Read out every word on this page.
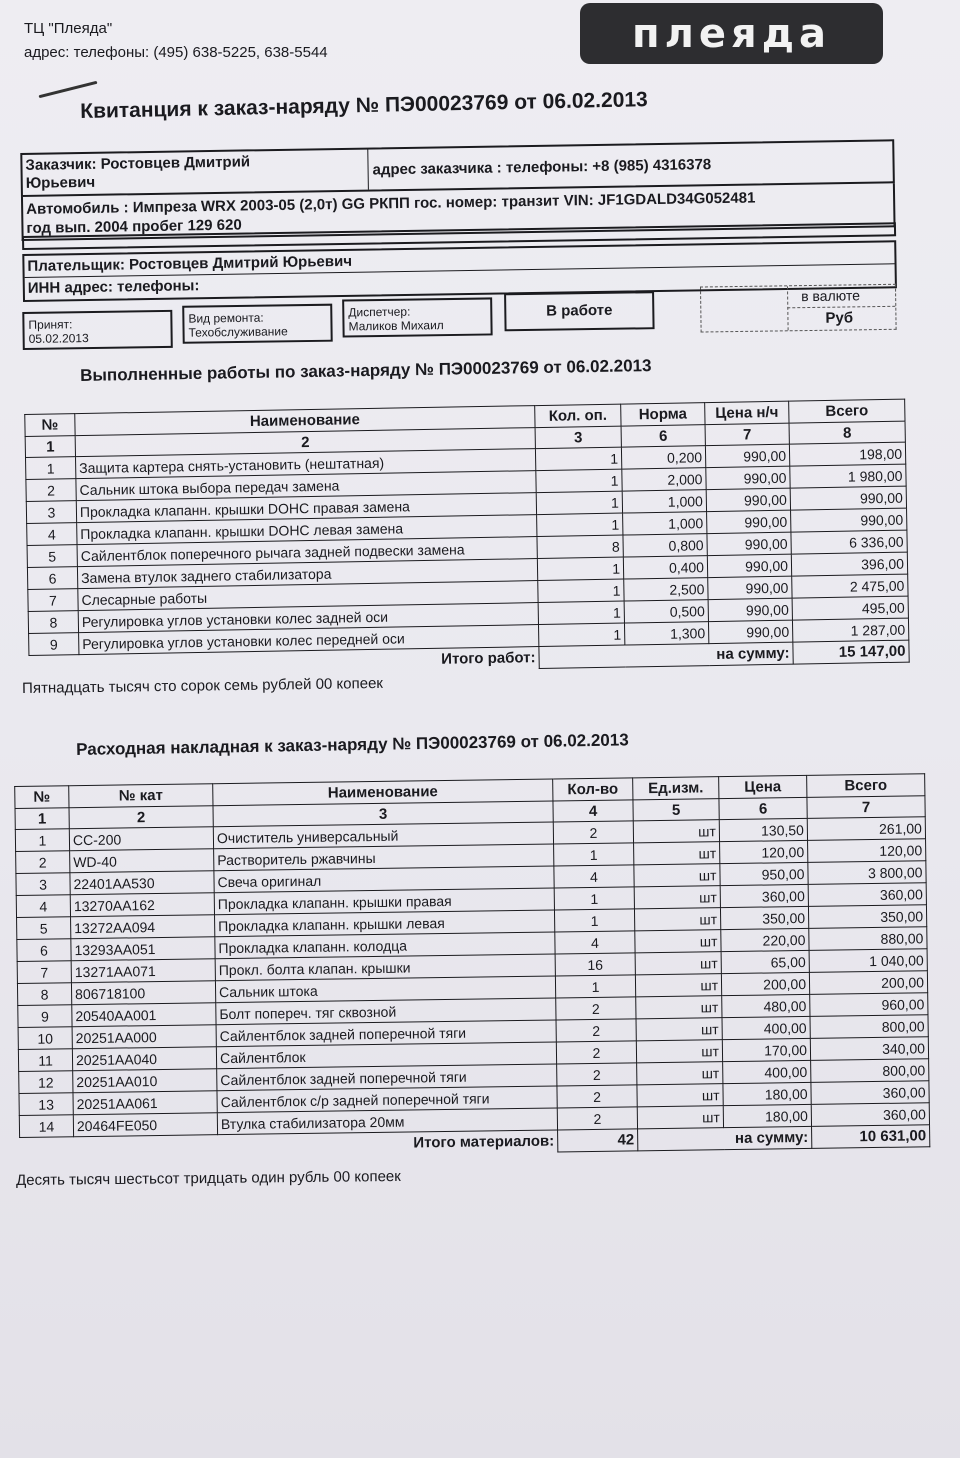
ТЦ "Плеяда"
адрес: телефоны: (495) 638-5225, 638-5544	плеяда
Квитанция к заказ-наряду № ПЭ00023769 от 06.02.2013
Заказчик: Ростовцев Дмитрий
Юрьевич
адрес заказчика : телефоны: +8 (985) 4316378
Автомобиль : Импреза WRX 2003-05 (2,0т) GG РКПП гос. номер: транзит VIN: JF1GDALD34G052481
год вып. 2004 пробег 129 620
Плательщик: Ростовцев Дмитрий Юрьевич
ИНН адрес: телефоны:
Принят:
05.02.2013
Вид ремонта:
Техобслуживание
Диспетчер:
Маликов Михаил
В работе
в валюте
Руб
Выполненные работы по заказ-наряду № ПЭ00023769 от 06.02.2013
№	Наименование	Кол. оп.	Норма	Цена н/ч	Всего
1	2	3	6	7	8
1	Защита картера снять-установить (нештатная)	1	0,200	990,00	198,00
2	Сальник штока выбора передач замена	1	2,000	990,00	1 980,00
3	Прокладка клапанн. крышки DOHC правая замена	1	1,000	990,00	990,00
4	Прокладка клапанн. крышки DOHC левая замена	1	1,000	990,00	990,00
5	Сайлентблок поперечного рычага задней подвески замена	8	0,800	990,00	6 336,00
6	Замена втулок заднего стабилизатора	1	0,400	990,00	396,00
7	Слесарные работы	1	2,500	990,00	2 475,00
8	Регулировка углов установки колес задней оси	1	0,500	990,00	495,00
9	Регулировка углов установки колес передней оси	1	1,300	990,00	1 287,00
Итого работ:		на сумму:			15 147,00
Пятнадцать тысяч сто сорок семь рублей 00 копеек
Расходная накладная к заказ-наряду № ПЭ00023769 от 06.02.2013
№	№ кат	Наименование	Кол-во	Ед.изм.	Цена	Всего
1	2	3	4	5	6	7
1	CC-200	Очиститель универсальный	2	шт	130,50	261,00
2	WD-40	Растворитель ржавчины	1	шт	120,00	120,00
3	22401AA530	Свеча оригинал	4	шт	950,00	3 800,00
4	13270AA162	Прокладка клапанн. крышки правая	1	шт	360,00	360,00
5	13272AA094	Прокладка клапанн. крышки левая	1	шт	350,00	350,00
6	13293AA051	Прокладка клапанн. колодца	4	шт	220,00	880,00
7	13271AA071	Прокл. болта клапан. крышки	16	шт	65,00	1 040,00
8	806718100	Сальник штока	1	шт	200,00	200,00
9	20540AA001	Болт попереч. тяг сквозной	2	шт	480,00	960,00
10	20251AA000	Сайлентблок задней поперечной тяги	2	шт	400,00	800,00
11	20251AA040	Сайлентблок	2	шт	170,00	340,00
12	20251AA010	Сайлентблок задней поперечной тяги	2	шт	400,00	800,00
13	20251AA061	Сайлентблок с/р задней поперечной тяги	2	шт	180,00	360,00
14	20464FE050	Втулка стабилизатора 20мм	2	шт	180,00	360,00
Итого материалов:			42	на сумму:		10 631,00
Десять тысяч шестьсот тридцать один рубль 00 копеек
